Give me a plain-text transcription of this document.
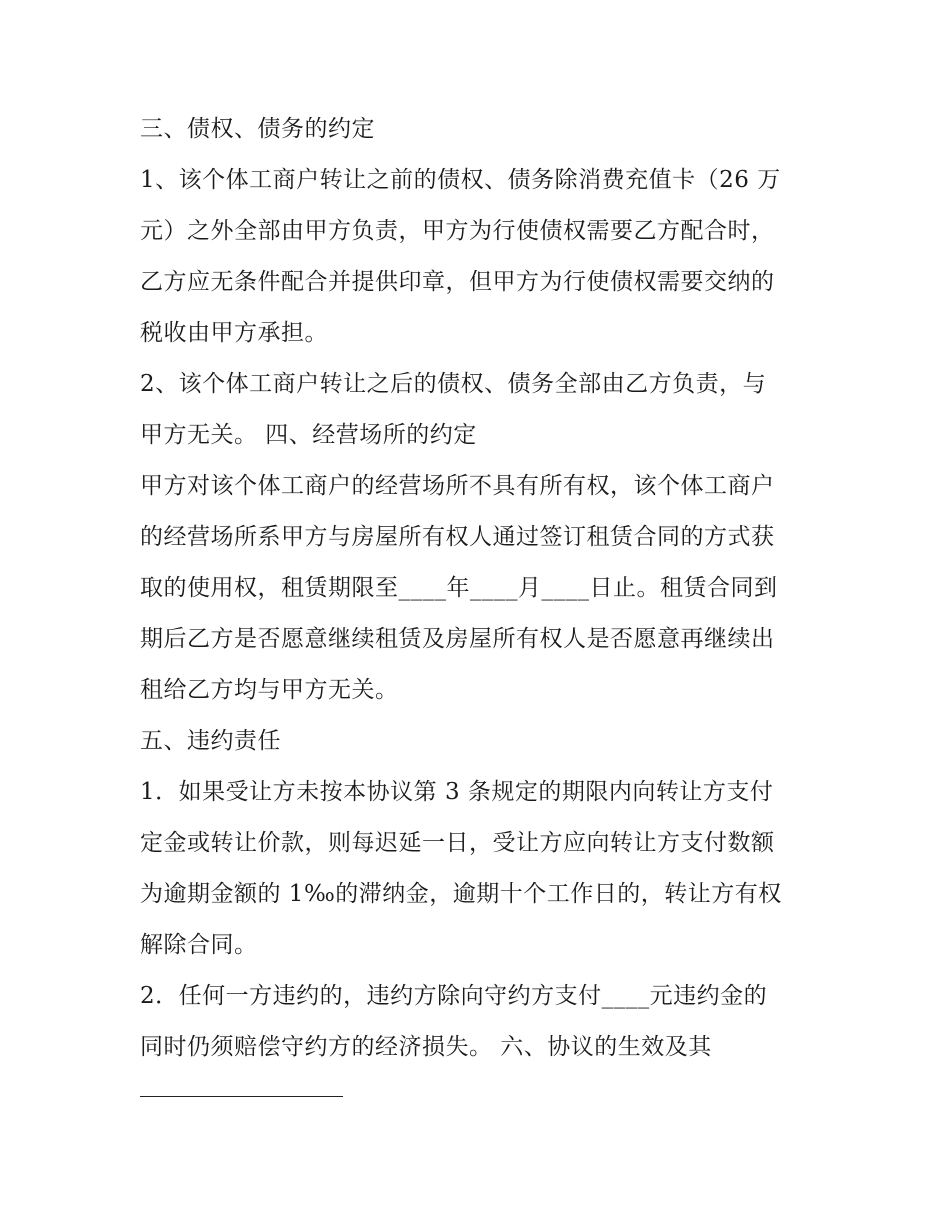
三、债权、债务的约定
1、该个体工商户转让之前的债权、债务除消费充值卡（26 万
元）之外全部由甲方负责，甲方为行使债权需要乙方配合时，
乙方应无条件配合并提供印章，但甲方为行使债权需要交纳的
税收由甲方承担。
2、该个体工商户转让之后的债权、债务全部由乙方负责，与
甲方无关。 四、经营场所的约定
甲方对该个体工商户的经营场所不具有所有权，该个体工商户
的经营场所系甲方与房屋所有权人通过签订租赁合同的方式获
取的使用权，租赁期限至____年____月____日止。租赁合同到
期后乙方是否愿意继续租赁及房屋所有权人是否愿意再继续出
租给乙方均与甲方无关。
五、违约责任
1．如果受让方未按本协议第 3 条规定的期限内向转让方支付
定金或转让价款，则每迟延一日，受让方应向转让方支付数额
为逾期金额的 1‰的滞纳金，逾期十个工作日的，转让方有权
解除合同。
2．任何一方违约的，违约方除向守约方支付____元违约金的
同时仍须赔偿守约方的经济损失。 六、协议的生效及其
